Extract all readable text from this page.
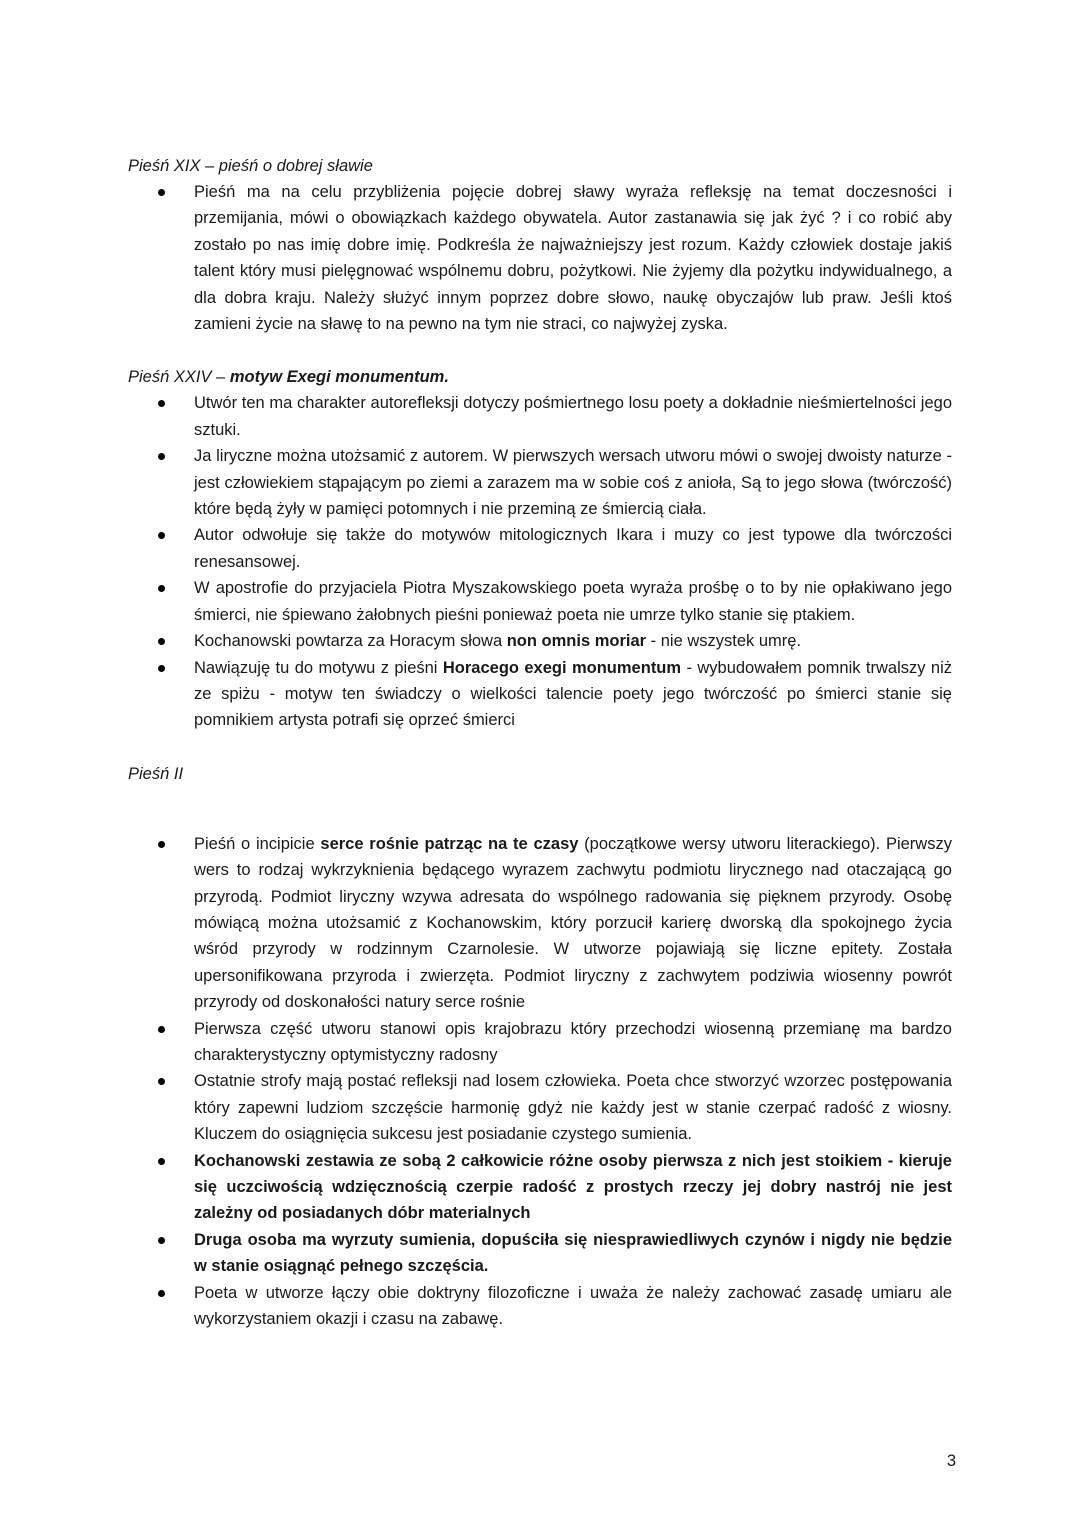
Pieśń XIX – pieśń o dobrej sławie

Pieśń ma na celu przybliżenia pojęcie dobrej sławy wyraża refleksję na temat doczesności i przemijania, mówi o obowiązkach każdego obywatela. Autor zastanawia się jak żyć ? i co robić aby zostało po nas imię dobre imię. Podkreśla że najważniejszy jest rozum. Każdy człowiek dostaje jakiś talent który musi pielęgnować wspólnemu dobru, pożytkowi. Nie żyjemy dla pożytku indywidualnego, a dla dobra kraju. Należy służyć innym poprzez dobre słowo, naukę obyczajów lub praw. Jeśli ktoś zamieni życie na sławę to na pewno na tym nie straci, co najwyżej zyska.

Pieśń XXIV – motyw Exegi monumentum.

Utwór ten ma charakter autorefleksji dotyczy pośmiertnego losu poety a dokładnie nieśmiertelności jego sztuki.
Ja liryczne można utożsamić z autorem. W pierwszych wersach utworu mówi o swojej dwoisty naturze - jest człowiekiem stąpającym po ziemi a zarazem ma w sobie coś z anioła, Są to jego słowa (twórczość) które będą żyły w pamięci potomnych i nie przeminą ze śmiercią ciała.
Autor odwołuje się także do motywów mitologicznych Ikara i muzy co jest typowe dla twórczości renesansowej.
W apostrofie do przyjaciela Piotra Myszakowskiego poeta wyraża prośbę o to by nie opłakiwano jego śmierci, nie śpiewano żałobnych pieśni ponieważ poeta nie umrze tylko stanie się ptakiem.
Kochanowski powtarza za Horacym słowa non omnis moriar - nie wszystek umrę.
Nawiązuję tu do motywu z pieśni Horacego exegi monumentum - wybudowałem pomnik trwalszy niż ze spiżu - motyw ten świadczy o wielkości talencie poety jego twórczość po śmierci stanie się pomnikiem artysta potrafi się oprzeć śmierci

Pieśń II

Pieśń o incipicie serce rośnie patrząc na te czasy (początkowe wersy utworu literackiego). Pierwszy wers to rodzaj wykrzyknienia będącego wyrazem zachwytu podmiotu lirycznego nad otaczającą go przyrodą. Podmiot liryczny wzywa adresata do wspólnego radowania się pięknem przyrody. Osobę mówiącą można utożsamić z Kochanowskim, który porzucił karierę dworską dla spokojnego życia wśród przyrody w rodzinnym Czarnolesie. W utworze pojawiają się liczne epitety. Została upersonifikowana przyroda i zwierzęta. Podmiot liryczny z zachwytem podziwia wiosenny powrót przyrody od doskonałości natury serce rośnie
Pierwsza część utworu stanowi opis krajobrazu który przechodzi wiosenną przemianę ma bardzo charakterystyczny optymistyczny radosny
Ostatnie strofy mają postać refleksji nad losem człowieka. Poeta chce stworzyć wzorzec postępowania który zapewni ludziom szczęście harmonię gdyż nie każdy jest w stanie czerpać radość z wiosny. Kluczem do osiągnięcia sukcesu jest posiadanie czystego sumienia.
Kochanowski zestawia ze sobą 2 całkowicie różne osoby pierwsza z nich jest stoikiem - kieruje się uczciwością wdzięcznością czerpie radość z prostych rzeczy jej dobry nastrój nie jest zależny od posiadanych dóbr materialnych
Druga osoba ma wyrzuty sumienia, dopuściła się niesprawiedliwych czynów i nigdy nie będzie w stanie osiągnąć pełnego szczęścia.
Poeta w utworze łączy obie doktryny filozoficzne i uważa że należy zachować zasadę umiaru ale wykorzystaniem okazji i czasu na zabawę.
3
